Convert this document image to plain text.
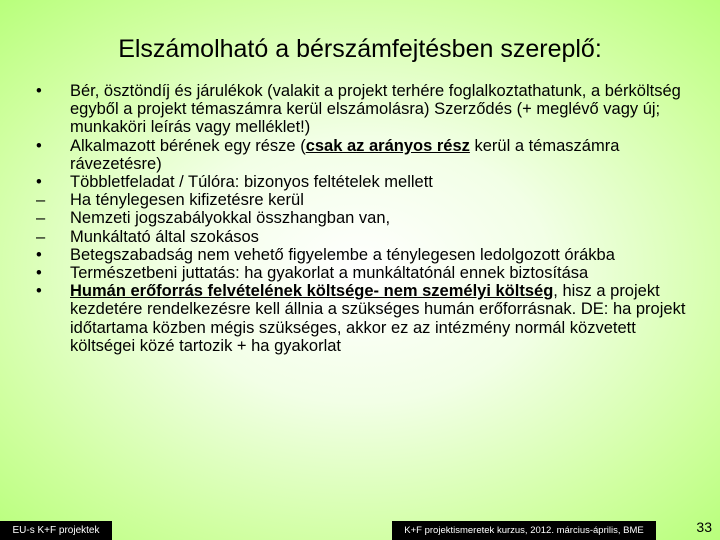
Elszámolható a bérszámfejtésben szereplő:
• Bér, ösztöndíj és járulékok (valakit a projekt terhére foglalkoztathatunk, a bérköltség egyből a projekt témaszámra kerül elszámolásra) Szerződés (+ meglévő vagy új; munkaköri leírás vagy melléklet!)
• Alkalmazott bérének egy része (csak az arányos rész kerül a témaszámra rávezetésre)
• Többletfeladat / Túlóra: bizonyos feltételek mellett
– Ha ténylegesen kifizetésre kerül
– Nemzeti jogszabályokkal összhangban van,
– Munkáltató által szokásos
• Betegszabadság nem vehető figyelembe a ténylegesen ledolgozott órákba
• Természetbeni juttatás: ha gyakorlat a munkáltatónál ennek biztosítása
• Humán erőforrás felvételének költsége- nem személyi költség, hisz a projekt kezdetére rendelkezésre kell állnia a szükséges humán erőforrásnak. DE: ha projekt időtartama közben mégis szükséges, akkor ez az intézmény normál közvetett költségei közé tartozik + ha gyakorlat
EU-s K+F projektek	K+F projektismeretek kurzus, 2012. március-április, BME	33
